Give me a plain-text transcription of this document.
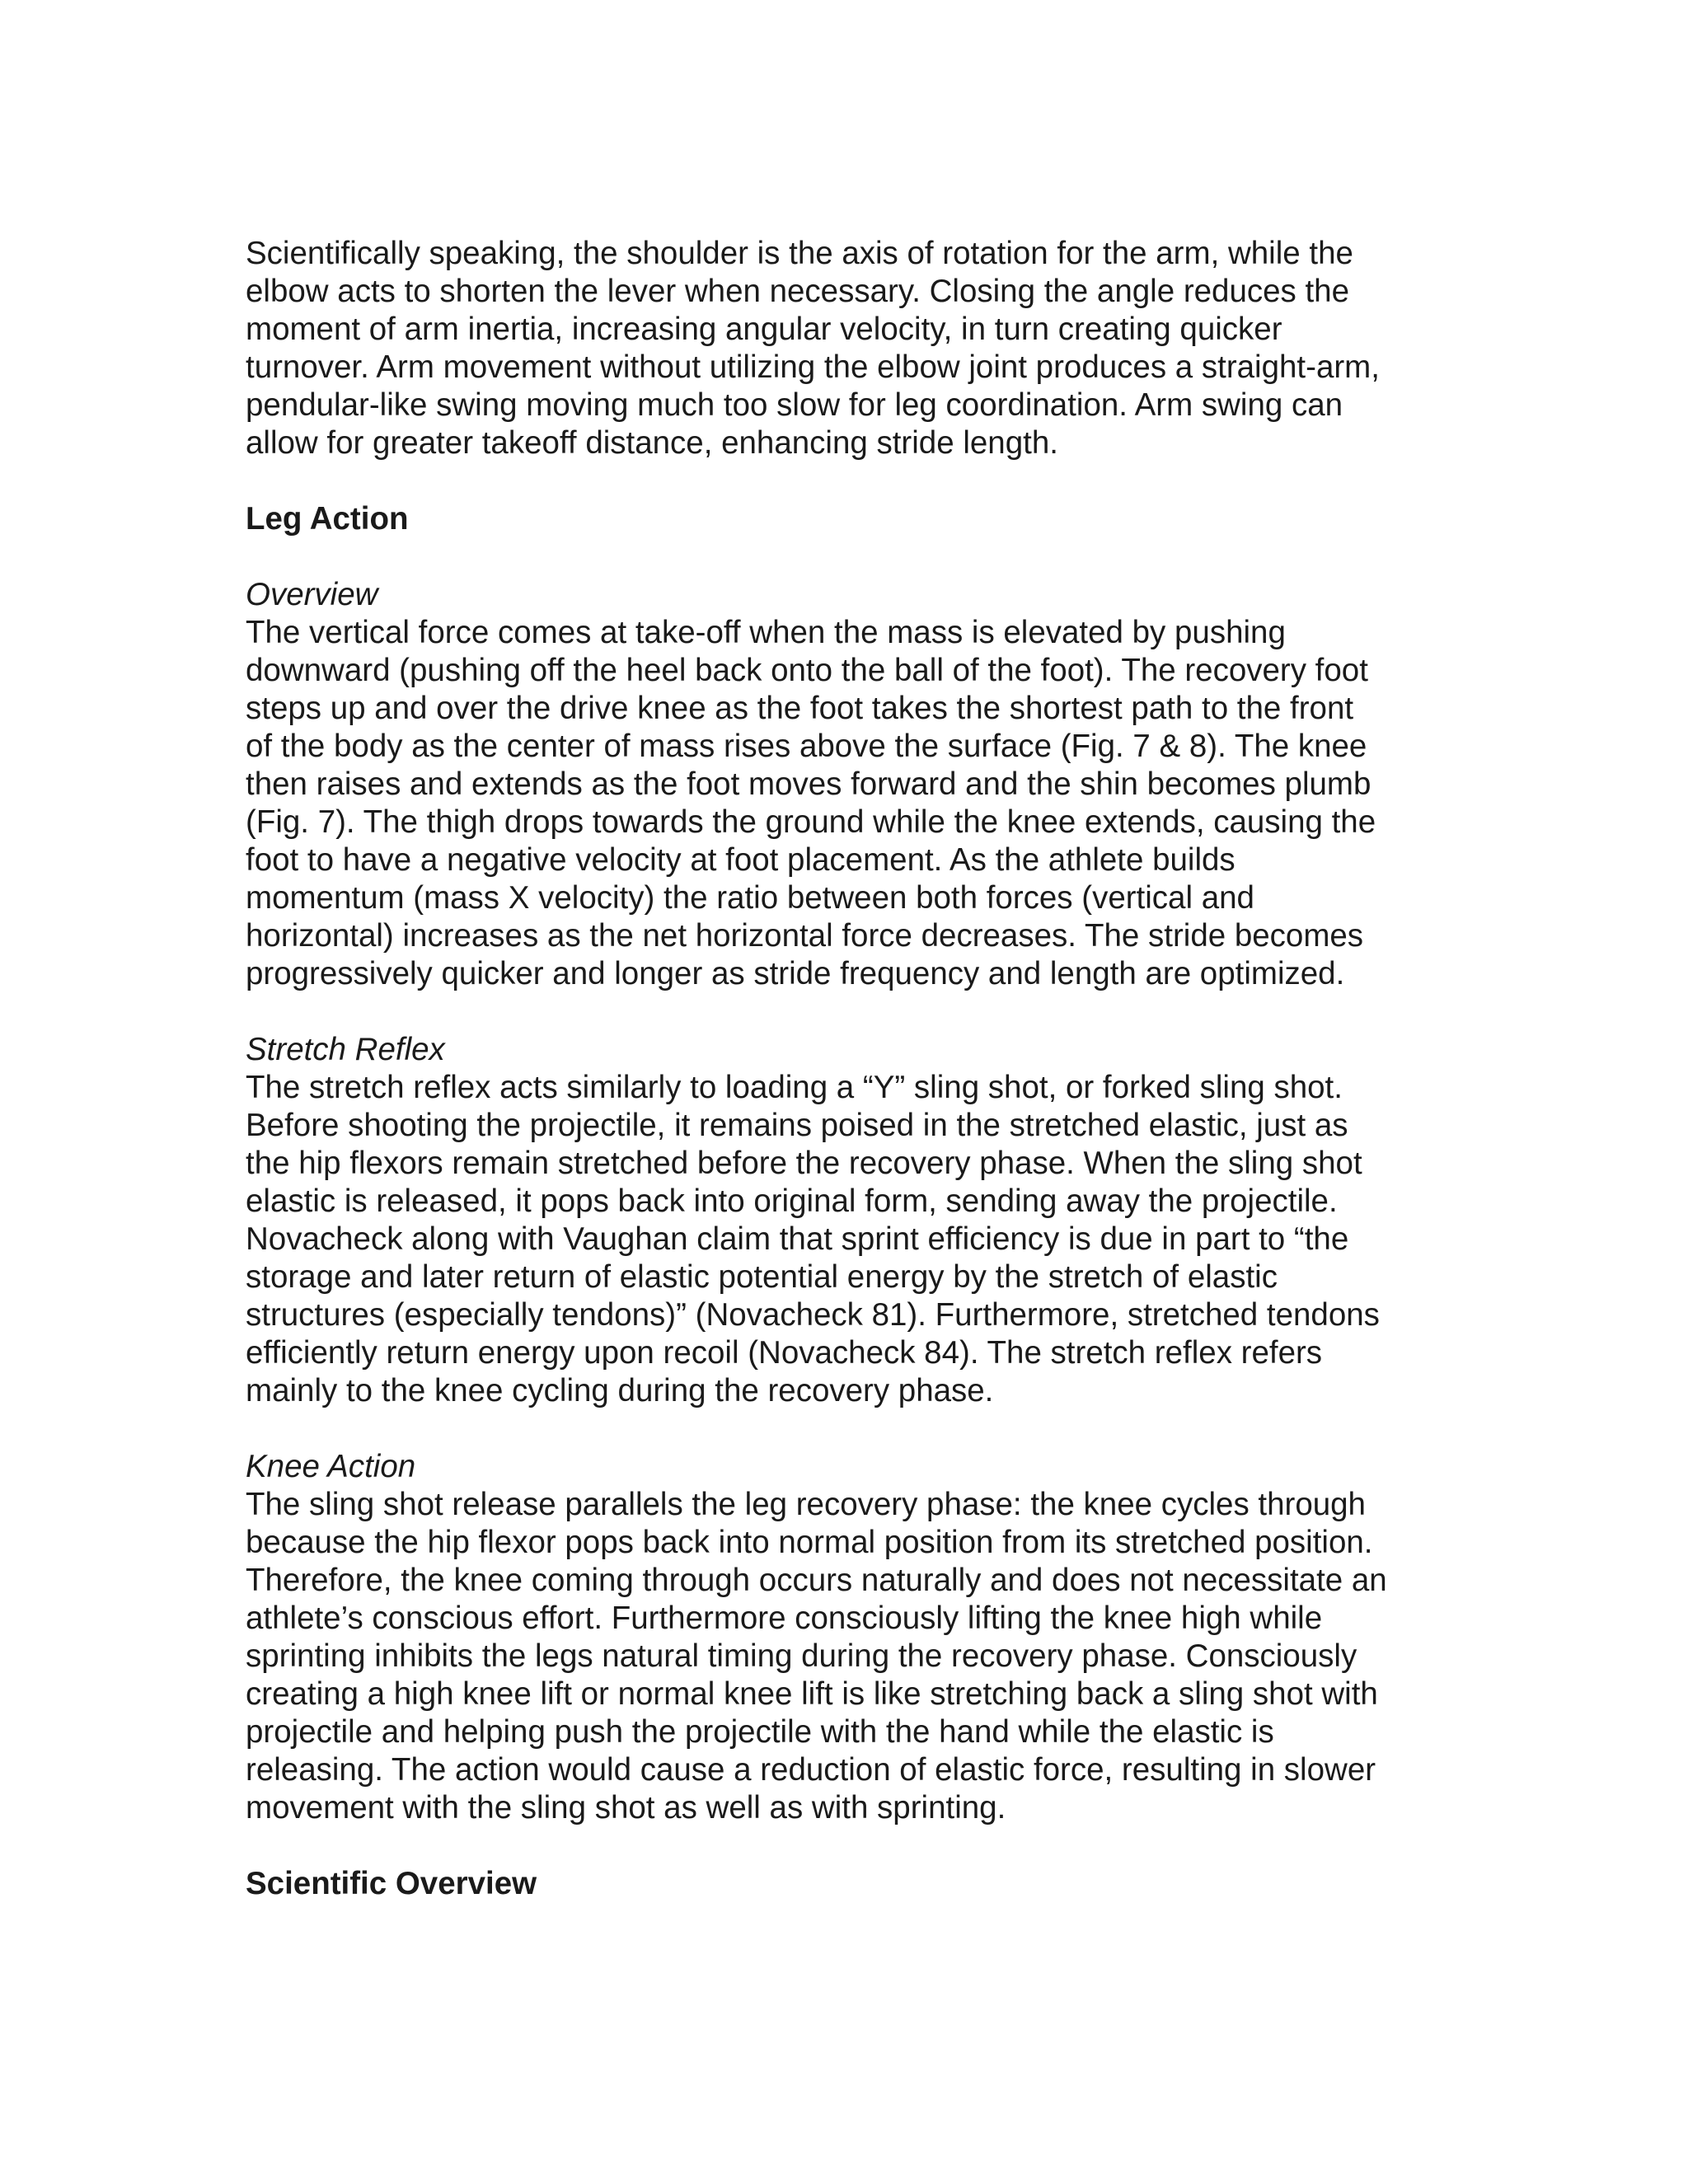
Scientifically speaking, the shoulder is the axis of rotation for the arm, while the
elbow acts to shorten the lever when necessary. Closing the angle reduces the
moment of arm inertia, increasing angular velocity, in turn creating quicker
turnover. Arm movement without utilizing the elbow joint produces a straight-arm,
pendular-like swing moving much too slow for leg coordination. Arm swing can
allow for greater takeoff distance, enhancing stride length.
Leg Action
Overview
The vertical force comes at take-off when the mass is elevated by pushing
downward (pushing off the heel back onto the ball of the foot). The recovery foot
steps up and over the drive knee as the foot takes the shortest path to the front
of the body as the center of mass rises above the surface (Fig. 7 & 8). The knee
then raises and extends as the foot moves forward and the shin becomes plumb
(Fig. 7). The thigh drops towards the ground while the knee extends, causing the
foot to have a negative velocity at foot placement. As the athlete builds
momentum (mass X velocity) the ratio between both forces (vertical and
horizontal) increases as the net horizontal force decreases. The stride becomes
progressively quicker and longer as stride frequency and length are optimized.
Stretch Reflex
The stretch reflex acts similarly to loading a “Y” sling shot, or forked sling shot.
Before shooting the projectile, it remains poised in the stretched elastic, just as
the hip flexors remain stretched before the recovery phase. When the sling shot
elastic is released, it pops back into original form, sending away the projectile.
Novacheck along with Vaughan claim that sprint efficiency is due in part to “the
storage and later return of elastic potential energy by the stretch of elastic
structures (especially tendons)” (Novacheck 81). Furthermore, stretched tendons
efficiently return energy upon recoil (Novacheck 84). The stretch reflex refers
mainly to the knee cycling during the recovery phase.
Knee Action
The sling shot release parallels the leg recovery phase: the knee cycles through
because the hip flexor pops back into normal position from its stretched position.
Therefore, the knee coming through occurs naturally and does not necessitate an
athlete’s conscious effort. Furthermore consciously lifting the knee high while
sprinting inhibits the legs natural timing during the recovery phase. Consciously
creating a high knee lift or normal knee lift is like stretching back a sling shot with
projectile and helping push the projectile with the hand while the elastic is
releasing. The action would cause a reduction of elastic force, resulting in slower
movement with the sling shot as well as with sprinting.
Scientific Overview
